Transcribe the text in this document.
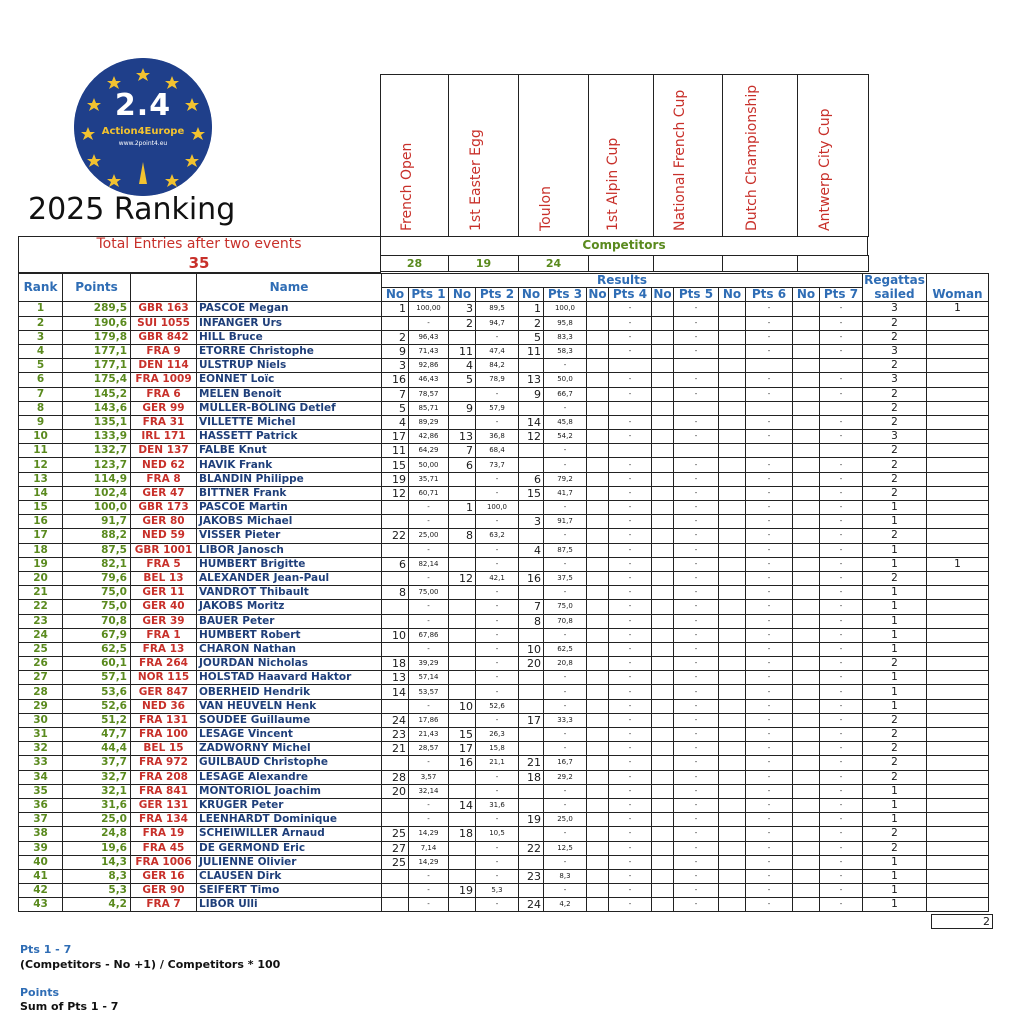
2.4
Action4Europe
www.2point4.eu
2025 Ranking	French Open	1st Easter Egg	Toulon	1st Alpin Cup	National French Cup	Dutch Championship	Antwerp City Cup
Total Entries after two events
35
Competitors
28	19	24
Rank	Points		Name	Results														Regattas	
				No	Pts 1	No	Pts 2	No	Pts 3	No	Pts 4	No	Pts 5	No	Pts 6	No	Pts 7	sailed	Woman
1	289,5	GBR 163	PASCOE Megan	1	100,00	3	89,5	1	100,0		-		-		-		-	3	1
2	190,6	SUI 1055	INFANGER Urs		-	2	94,7	2	95,8		-		-		-		-	2	
3	179,8	GBR 842	HILL Bruce	2	96,43		-	5	83,3		-		-		-		-	2	
4	177,1	FRA 9	ETORRE Christophe	9	71,43	11	47,4	11	58,3		-		-		-		-	3	
5	177,1	DEN 114	ULSTRUP Niels	3	92,86	4	84,2		-									2	
6	175,4	FRA 1009	EONNET Loïc	16	46,43	5	78,9	13	50,0		-		-		-		-	3	
7	145,2	FRA 6	MELEN Benoit	7	78,57		-	9	66,7		-		-		-		-	2	
8	143,6	GER 99	MÜLLER-BÖLING Detlef	5	85,71	9	57,9		-									2	
9	135,1	FRA 31	VILLETTE Michel	4	89,29		-	14	45,8		-		-		-		-	2	
10	133,9	IRL 171	HASSETT Patrick	17	42,86	13	36,8	12	54,2		-		-		-		-	3	
11	132,7	DEN 137	FALBE Knut	11	64,29	7	68,4		-									2	
12	123,7	NED 62	HAVIK Frank	15	50,00	6	73,7		-		-		-		-		-	2	
13	114,9	FRA 8	BLANDIN Philippe	19	35,71		-	6	79,2		-		-		-		-	2	
14	102,4	GER 47	BITTNER Frank	12	60,71		-	15	41,7		-		-		-		-	2	
15	100,0	GBR 173	PASCOE Martin		-	1	100,0		-		-		-		-		-	1	
16	91,7	GER 80	JAKOBS Michael		-		-	3	91,7		-		-		-		-	1	
17	88,2	NED 59	VISSER Pieter	22	25,00	8	63,2		-		-		-		-		-	2	
18	87,5	GBR 1001	LIBOR Janosch		-		-	4	87,5		-		-		-		-	1	
19	82,1	FRA 5	HUMBERT Brigitte	6	82,14		-		-		-		-		-		-	1	1
20	79,6	BEL 13	ALEXANDER Jean-Paul		-	12	42,1	16	37,5		-		-		-		-	2	
21	75,0	GER 11	VANDROT Thibault	8	75,00		-		-		-		-		-		-	1	
22	75,0	GER 40	JAKOBS Moritz		-		-	7	75,0		-		-		-		-	1	
23	70,8	GER 39	BAUER Peter		-		-	8	70,8		-		-		-		-	1	
24	67,9	FRA 1	HUMBERT Robert	10	67,86		-		-		-		-		-		-	1	
25	62,5	FRA 13	CHARON Nathan		-		-	10	62,5		-		-		-		-	1	
26	60,1	FRA 264	JOURDAN Nicholas	18	39,29		-	20	20,8		-		-		-		-	2	
27	57,1	NOR 115	HOLSTAD Haavard Haktor	13	57,14		-		-		-		-		-		-	1	
28	53,6	GER 847	OBERHEID Hendrik	14	53,57		-		-		-		-		-		-	1	
29	52,6	NED 36	VAN HEUVELN Henk		-	10	52,6		-		-		-		-		-	1	
30	51,2	FRA 131	SOUDEE Guillaume	24	17,86		-	17	33,3		-		-		-		-	2	
31	47,7	FRA 100	LESAGE Vincent	23	21,43	15	26,3		-		-		-		-		-	2	
32	44,4	BEL 15	ZADWORNY Michel	21	28,57	17	15,8		-		-		-		-		-	2	
33	37,7	FRA 972	GUILBAUD Christophe		-	16	21,1	21	16,7		-		-		-		-	2	
34	32,7	FRA 208	LESAGE Alexandre	28	3,57		-	18	29,2		-		-		-		-	2	
35	32,1	FRA 841	MONTORIOL Joachim	20	32,14		-		-		-		-		-		-	1	
36	31,6	GER 131	KRÜGER Peter		-	14	31,6		-		-		-		-		-	1	
37	25,0	FRA 134	LEENHARDT Dominique		-		-	19	25,0		-		-		-		-	1	
38	24,8	FRA 19	SCHEIWILLER Arnaud	25	14,29	18	10,5		-		-		-		-		-	2	
39	19,6	FRA 45	DE GERMOND Eric	27	7,14		-	22	12,5		-		-		-		-	2	
40	14,3	FRA 1006	JULIENNE Olivier	25	14,29		-		-		-		-		-		-	1	
41	8,3	GER 16	CLAUSEN Dirk		-		-	23	8,3		-		-		-		-	1	
42	5,3	GER 90	SEIFERT Timo		-	19	5,3		-		-		-		-		-	1	
43	4,2	FRA 7	LIBOR Ulli		-		-	24	4,2		-		-		-		-	1	
2
Pts 1 - 7
(Competitors - No +1) / Competitors * 100
Points
Sum of Pts 1 - 7
